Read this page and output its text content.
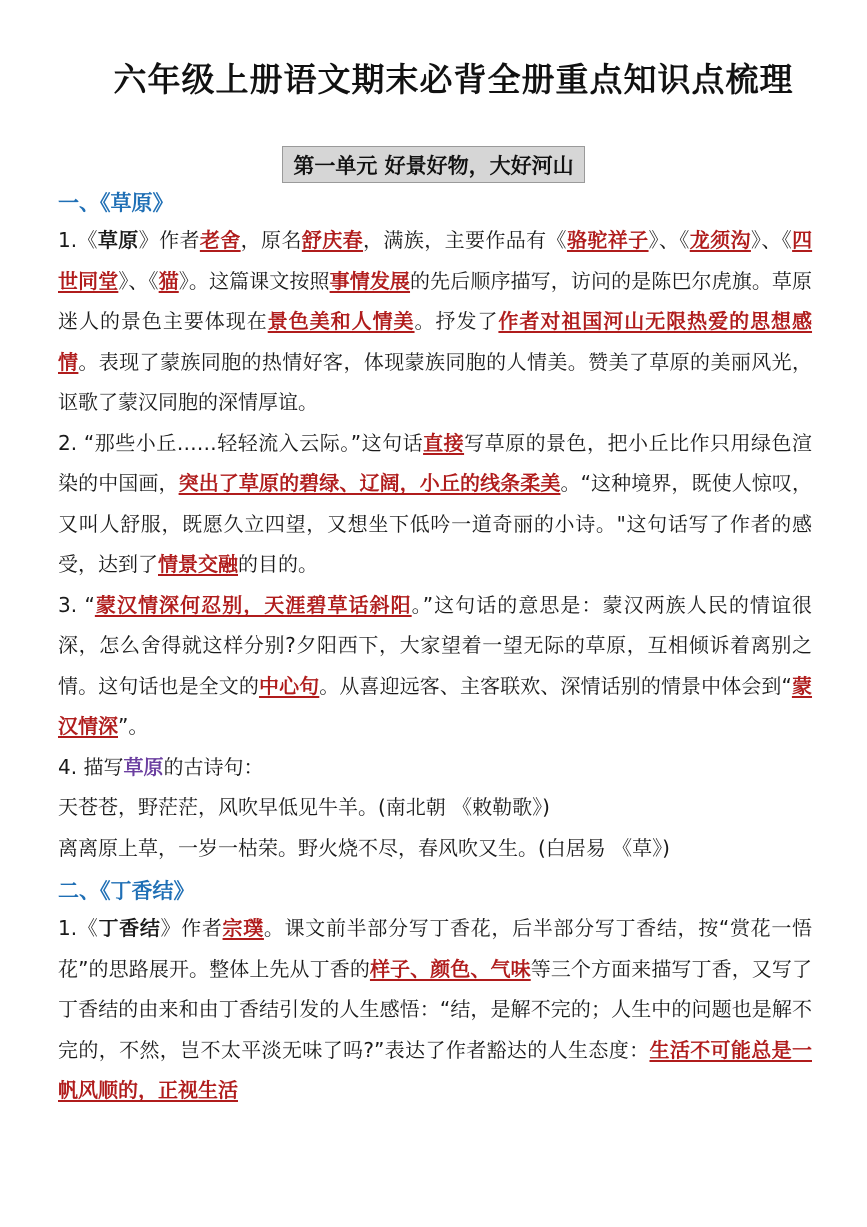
六年级上册语文期末必背全册重点知识点梳理
第一单元 好景好物，大好河山
一、《草原》
1.《草原》作者老舍，原名舒庆春，满族，主要作品有《骆驼祥子》、《龙须沟》、《四世同堂》、《猫》。这篇课文按照事情发展的先后顺序描写，访问的是陈巴尔虎旗。草原迷人的景色主要体现在景色美和人情美。抒发了作者对祖国河山无限热爱的思想感情。表现了蒙族同胞的热情好客，体现蒙族同胞的人情美。赞美了草原的美丽风光，讴歌了蒙汉同胞的深情厚谊。
2. “那些小丘……轻轻流入云际。”这句话直接写草原的景色，把小丘比作只用绿色渲染的中国画，突出了草原的碧绿、辽阔，小丘的线条柔美。“这种境界，既使人惊叹，又叫人舒服，既愿久立四望，又想坐下低吟一道奇丽的小诗。"这句话写了作者的感受，达到了情景交融的目的。
3. “蒙汉情深何忍别，天涯碧草话斜阳。”这句话的意思是：蒙汉两族人民的情谊很深，怎么舍得就这样分别?夕阳西下，大家望着一望无际的草原，互相倾诉着离别之情。这句话也是全文的中心句。从喜迎远客、主客联欢、深情话别的情景中体会到“蒙汉情深”。
4. 描写草原的古诗句：
天苍苍，野茫茫，风吹早低见牛羊。(南北朝 《敕勒歌》)
离离原上草，一岁一枯荣。野火烧不尽，春风吹又生。(白居易 《草》)
二、《丁香结》
1.《丁香结》作者宗璞。课文前半部分写丁香花，后半部分写丁香结，按“赏花一悟花”的思路展开。整体上先从丁香的样子、颜色、气味等三个方面来描写丁香，又写了丁香结的由来和由丁香结引发的人生感悟：“结，是解不完的；人生中的问题也是解不完的，不然，岂不太平淡无味了吗?”表达了作者豁达的人生态度：生活不可能总是一帆风顺的，正视生活
